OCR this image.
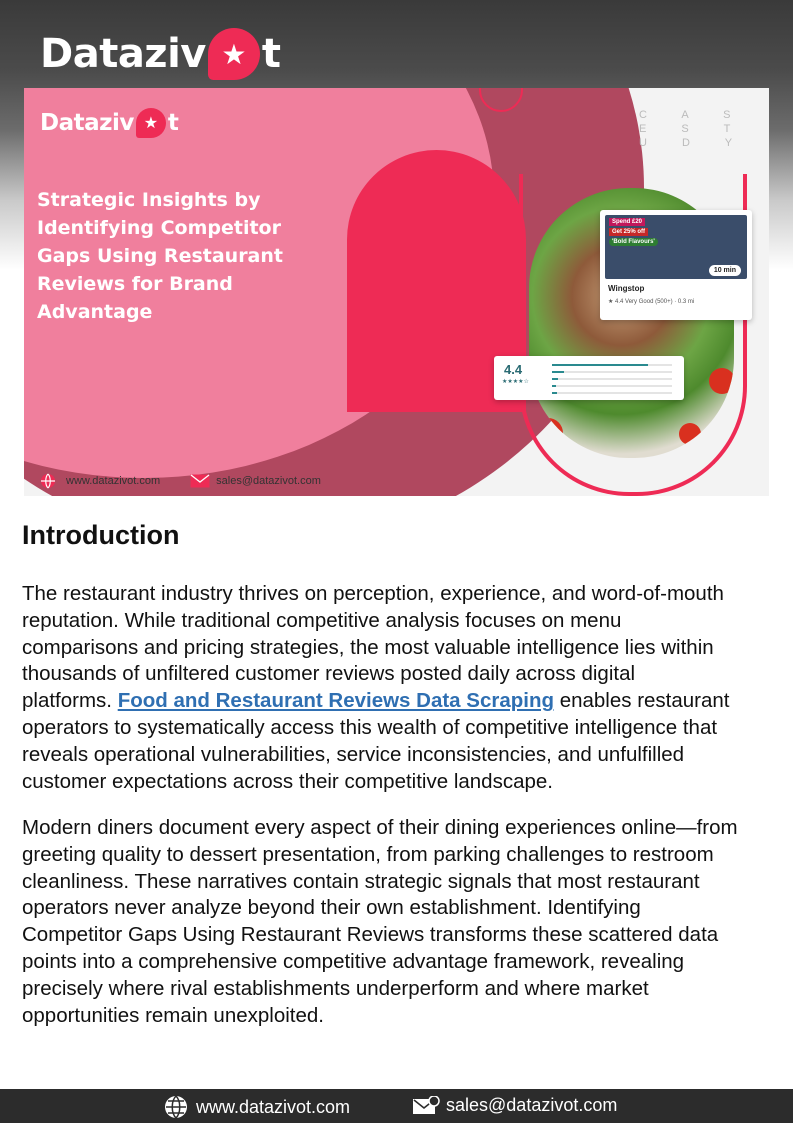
Dataziv ★ t
Dataziv ★ t	C A S E S T U D Y
Strategic Insights by Identifying Competitor Gaps Using Restaurant Reviews for Brand Advantage
Spend £20
Get 25% off
'Bold Flavours'
10 min
Wingstop
★ 4.4 Very Good (500+) · 0.3 mi
4.4
★★★★☆
www.datazivot.com	sales@datazivot.com
Introduction
The restaurant industry thrives on perception, experience, and word-of-mouth
reputation. While traditional competitive analysis focuses on menu
comparisons and pricing strategies, the most valuable intelligence lies within
thousands of unfiltered customer reviews posted daily across digital
platforms. Food and Restaurant Reviews Data Scraping enables restaurant
operators to systematically access this wealth of competitive intelligence that
reveals operational vulnerabilities, service inconsistencies, and unfulfilled
customer expectations across their competitive landscape.
Modern diners document every aspect of their dining experiences online—from
greeting quality to dessert presentation, from parking challenges to restroom
cleanliness. These narratives contain strategic signals that most restaurant
operators never analyze beyond their own establishment. Identifying
Competitor Gaps Using Restaurant Reviews transforms these scattered data
points into a comprehensive competitive advantage framework, revealing
precisely where rival establishments underperform and where market
opportunities remain unexploited.
www.datazivot.com	sales@datazivot.com
